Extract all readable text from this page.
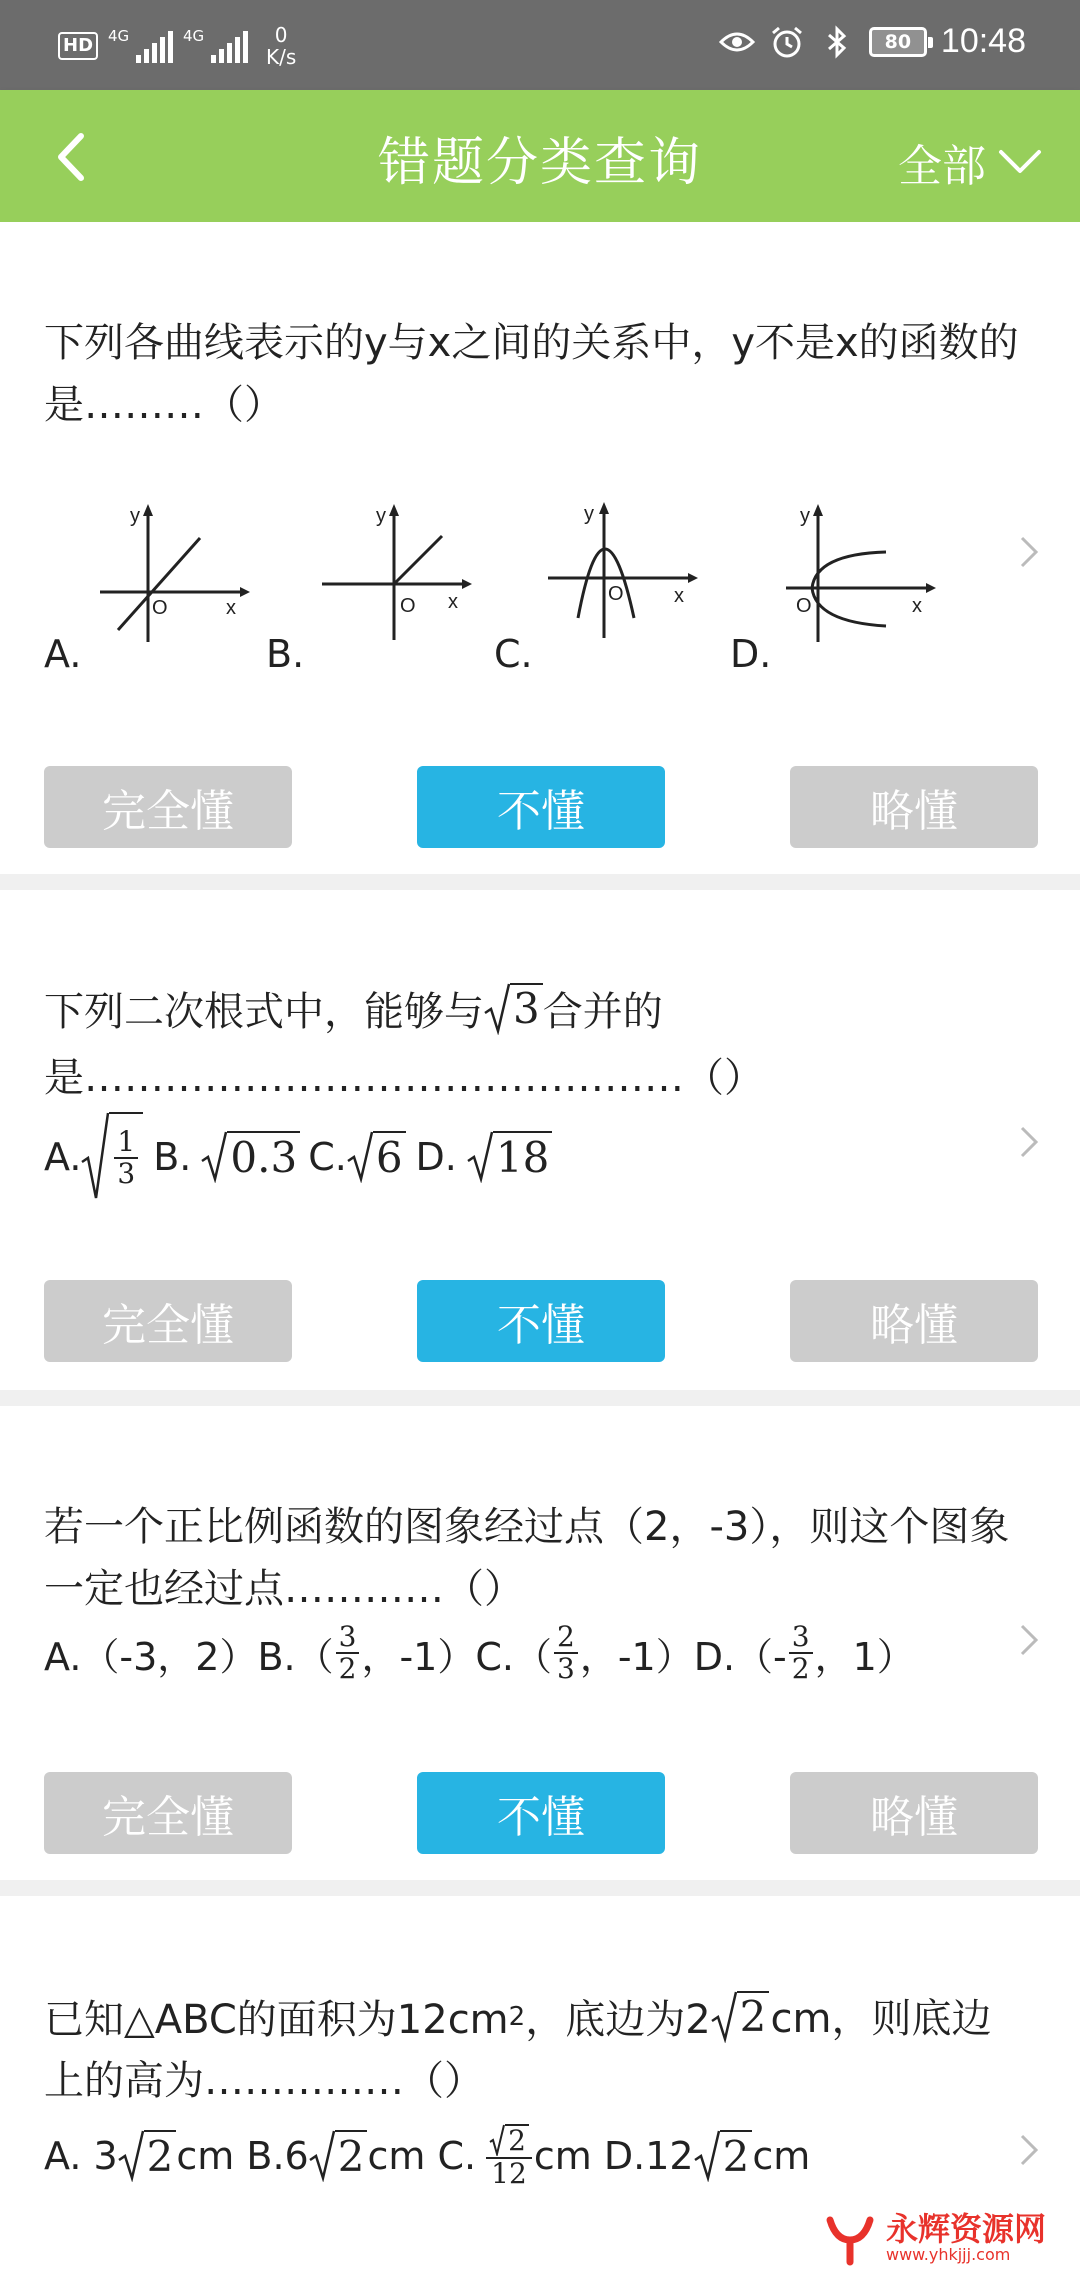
HD	4G	4G	0
K/s
80 10:48
错题分类查询	全部
下列各曲线表示的y与x之间的关系中，y不是x的函数的是………（）
A.
O	x
y
B.
O x
y
C.
O	x
y
D.
O	x
y
完全懂	不懂	略懂
下列二次根式中，能够与 3 合并的
是………………………………………（）
A. $\frac{1}{3} B$. 0.3 C. 6 D. 18
完全懂	不懂	略懂
若一个正比例函数的图象经过点（2，-3），则这个图象一定也经过点…………（）
A.（-3，2） $B.( \frac{3}{2}$ ，-1） $C.( \frac{2}{3}$ ，-1） $D.(- \frac{3}{2}$ ，1）
完全懂	不懂	略懂
已知△ABC的面积为12cm 2 ，底边为2 2 cm，则底边上的高为……………（）
A. 3 2 cm B.6 2 cm C. $\frac{2}{12}$ cm D.12 2 cm
永辉资源网
www.yhkjjj.com
